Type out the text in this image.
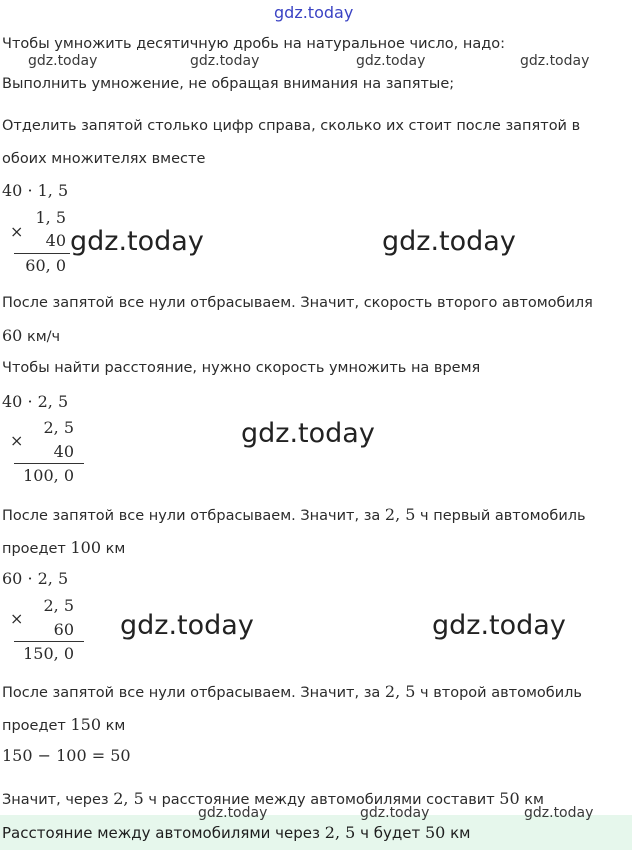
gdz.today
Чтобы умножить десятичную дробь на натуральное число, надо:
gdz.today	gdz.today	gdz.today	gdz.today
Выполнить умножение, не обращая внимания на запятые;
Отделить запятой столько цифр справа, сколько их стоит после запятой в
обоих множителях вместе
40 · 1, 5
1, 5
×	40
60, 0
gdz.today	gdz.today
После запятой все нули отбрасываем. Значит, скорость второго автомобиля
60 км/ч
Чтобы найти расстояние, нужно скорость умножить на время
40 · 2, 5
2, 5
×
40
100, 0
gdz.today
После запятой все нули отбрасываем. Значит, за 2, 5 ч первый автомобиль
проедет 100 км
60 · 2, 5
2, 5
×
60
150, 0
gdz.today	gdz.today
После запятой все нули отбрасываем. Значит, за 2, 5 ч второй автомобиль
проедет 150 км
150 − 100 = 50
Значит, через 2, 5 ч расстояние между автомобилями составит 50 км
gdz.today	gdz.today	gdz.today
Расстояние между автомобилями через 2, 5 ч будет 50 км
